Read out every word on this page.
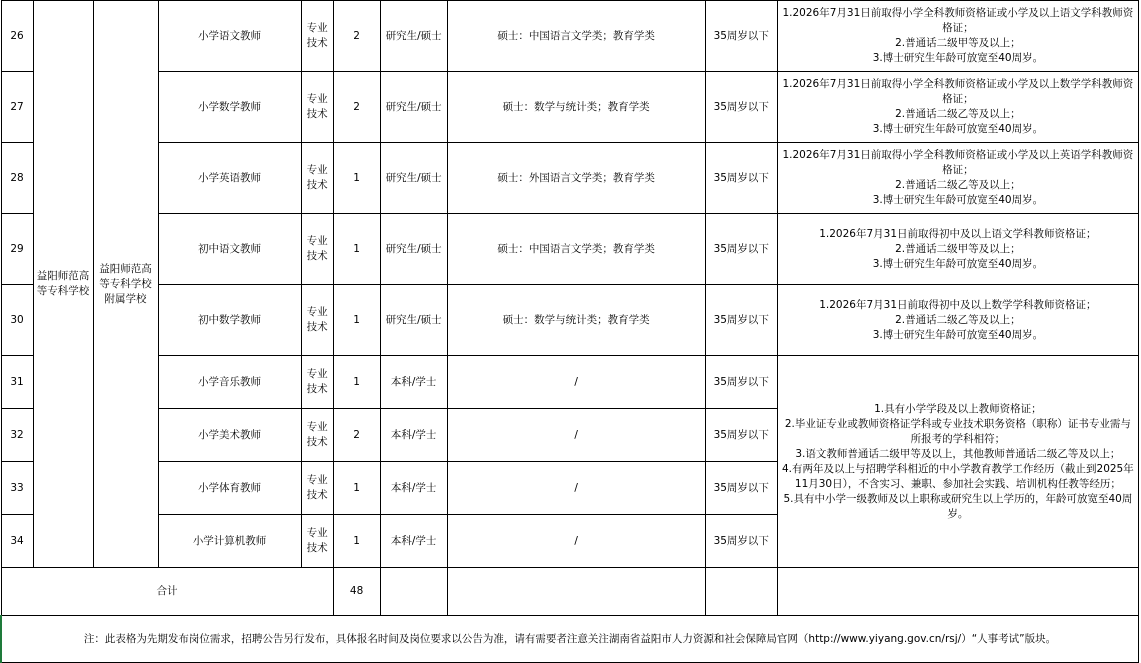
26	益阳师范高等专科学校	益阳师范高等专科学校附属学校	小学语文教师	专业技术	2	研究生/硕士	硕士：中国语言文学类；教育学类	35周岁以下	1.2026年7月31日前取得小学全科教师资格证或小学及以上语文学科教师资格证；
2.普通话二级甲等及以上；
3.博士研究生年龄可放宽至40周岁。

27			小学数学教师	专业技术	2	研究生/硕士	硕士：数学与统计类；教育学类	35周岁以下	1.2026年7月31日前取得小学全科教师资格证或小学及以上数学学科教师资格证；
2.普通话二级乙等及以上；
3.博士研究生年龄可放宽至40周岁。

28			小学英语教师	专业技术	1	研究生/硕士	硕士：外国语言文学类；教育学类	35周岁以下	1.2026年7月31日前取得小学全科教师资格证或小学及以上英语学科教师资格证；
2.普通话二级乙等及以上；
3.博士研究生年龄可放宽至40周岁。

29			初中语文教师	专业技术	1	研究生/硕士	硕士：中国语言文学类；教育学类	35周岁以下	1.2026年7月31日前取得初中及以上语文学科教师资格证；
2.普通话二级甲等及以上；
3.博士研究生年龄可放宽至40周岁。

30			初中数学教师	专业技术	1	研究生/硕士	硕士：数学与统计类；教育学类	35周岁以下	1.2026年7月31日前取得初中及以上数学学科教师资格证；
2.普通话二级乙等及以上；
3.博士研究生年龄可放宽至40周岁。

31			小学音乐教师	专业技术	1	本科/学士	/	35周岁以下	1.具有小学学段及以上教师资格证；
2.毕业证专业或教师资格证学科或专业技术职务资格（职称）证书专业需与所报考的学科相符；
3.语文教师普通话二级甲等及以上，其他教师普通话二级乙等及以上；
4.有两年及以上与招聘学科相近的中小学教育教学工作经历（截止到2025年11月30日），不含实习、兼职、参加社会实践、培训机构任教等经历；
5.具有中小学一级教师及以上职称或研究生以上学历的，年龄可放宽至40周岁。

32			小学美术教师	专业技术	2	本科/学士	/	35周岁以下	
33			小学体育教师	专业技术	1	本科/学士	/	35周岁以下	
34			小学计算机教师	专业技术	1	本科/学士	/	35周岁以下	
合计					48				
注：此表格为先期发布岗位需求，招聘公告另行发布，具体报名时间及岗位要求以公告为准，请有需要者注意关注湖南省益阳市人力资源和社会保障局官网（http://www.yiyang.gov.cn/rsj/）“人事考试”版块。									
